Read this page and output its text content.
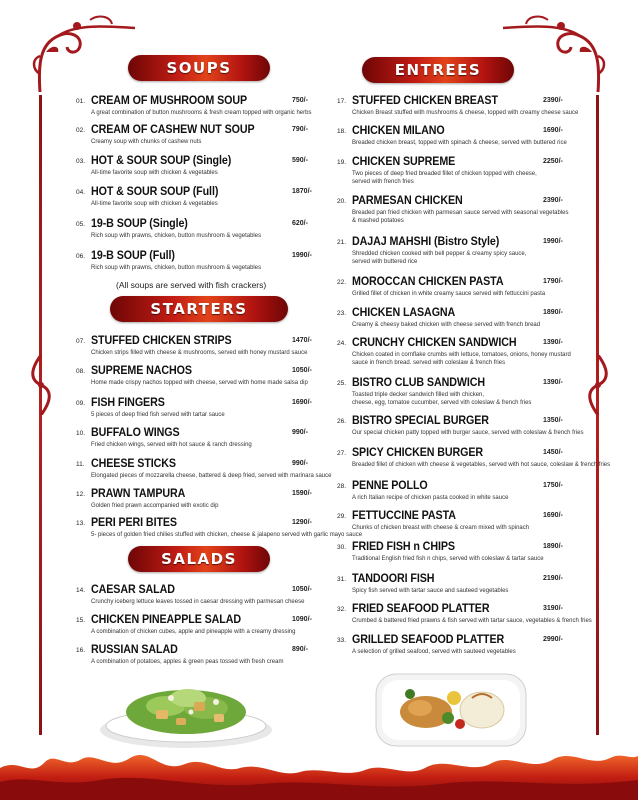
SOUPS	ENTREES
STARTERS
SALADS
01. CREAM OF MUSHROOM SOUP	750/-
A great combination of button mushrooms & fresh cream topped with organic herbs
02. CREAM OF CASHEW NUT SOUP	790/-
Creamy soup with chunks of cashew nuts
03. HOT & SOUR SOUP (Single)	590/-
All-time favorite soup with chicken & vegetables
04. HOT & SOUR SOUP (Full)	1870/-
All-time favorite soup with chicken & vegetables
05. 19-B SOUP (Single)	620/-
Rich soup with prawns, chicken, button mushroom & vegetables
06. 19-B SOUP (Full)	1990/-
Rich soup with prawns, chicken, button mushroom & vegetables
(All soups are served with fish crackers)
07. STUFFED CHICKEN STRIPS	1470/-
Chicken strips filled with cheese & mushrooms, served with honey mustard sauce
08. SUPREME NACHOS	1050/-
Home made crispy nachos topped with cheese, served with home made salsa dip
09. FISH FINGERS	1690/-
5 pieces of deep fried fish served with tartar sauce
10. BUFFALO WINGS	990/-
Fried chicken wings, served with hot sauce & ranch dressing
11. CHEESE STICKS	990/-
Elongated pieces of mozzarella cheese, battered & deep fried, served with marinara sauce
12. PRAWN TAMPURA	1590/-
Golden fried prawn accompanied with exotic dip
13. PERI PERI BITES	1290/-
5- pieces of golden fried chilies stuffed with chicken, cheese & jalapeno served with garlic mayo sauce
14. CAESAR SALAD	1050/-
Crunchy iceberg lettuce leaves tossed in caesar dressing with parmesan cheese
15. CHICKEN PINEAPPLE SALAD	1090/-
A combination of chicken cubes, apple and pineapple with a creamy dressing
16. RUSSIAN SALAD	890/-
A combination of potatoes, apples & green peas tossed with fresh cream
17. STUFFED CHICKEN BREAST	2390/-
Chicken Breast stuffed with mushrooms & cheese, topped with creamy cheese sauce
18. CHICKEN MILANO	1690/-
Breaded chicken breast, topped with spinach & cheese, served with buttered rice
19. CHICKEN SUPREME	2250/-
Two pieces of deep fried breaded fillet of chicken topped with cheese,
served with french fries
20. PARMESAN CHICKEN	2390/-
Breaded pan fried chicken with parmesan sauce served with seasonal vegetables
& mashed potatoes
21. DAJAJ MAHSHI (Bistro Style)	1990/-
Shredded chicken cooked with bell pepper & creamy spicy sauce,
served with buttered rice
22. MOROCCAN CHICKEN PASTA	1790/-
Grilled fillet of chicken in white creamy sauce served with fettuccini pasta
23. CHICKEN LASAGNA	1890/-
Creamy & cheesy baked chicken with cheese served with french bread
24. CRUNCHY CHICKEN SANDWICH	1390/-
Chicken coated in cornflake crumbs with lettuce, tomatoes, onions, honey mustard
sauce in french bread. served with coleslaw & french fries
25. BISTRO CLUB SANDWICH	1390/-
Toasted triple decker sandwich filled with chicken,
cheese, egg, tomatoe cucumber, served vith coleslaw & french fries
26. BISTRO SPECIAL BURGER	1350/-
Our special chicken patty topped with burger sauce, served with coleslaw & french fries
27. SPICY CHICKEN BURGER	1450/-
Breaded fillet of chicken with cheese & vegetables, served with hot sauce, coleslaw & french fries
28. PENNE POLLO	1750/-
A rich Italian recipe of chicken pasta cooked in white sauce
29. FETTUCCINE PASTA	1690/-
Chunks of chicken breast with cheese & cream mixed with spinach
30. FRIED FISH n CHIPS	1890/-
Traditional English fried fish n chips, served with coleslaw & tartar sauce
31. TANDOORI FISH	2190/-
Spicy fish served with tartar sauce and sauteed vegetables
32. FRIED SEAFOOD PLATTER	3190/-
Crumbed & battered fried prawns & fish served with tartar sauce, vegetables & french fries
33. GRILLED SEAFOOD PLATTER	2990/-
A selection of grilled seafood, served with sauteed vegetables
